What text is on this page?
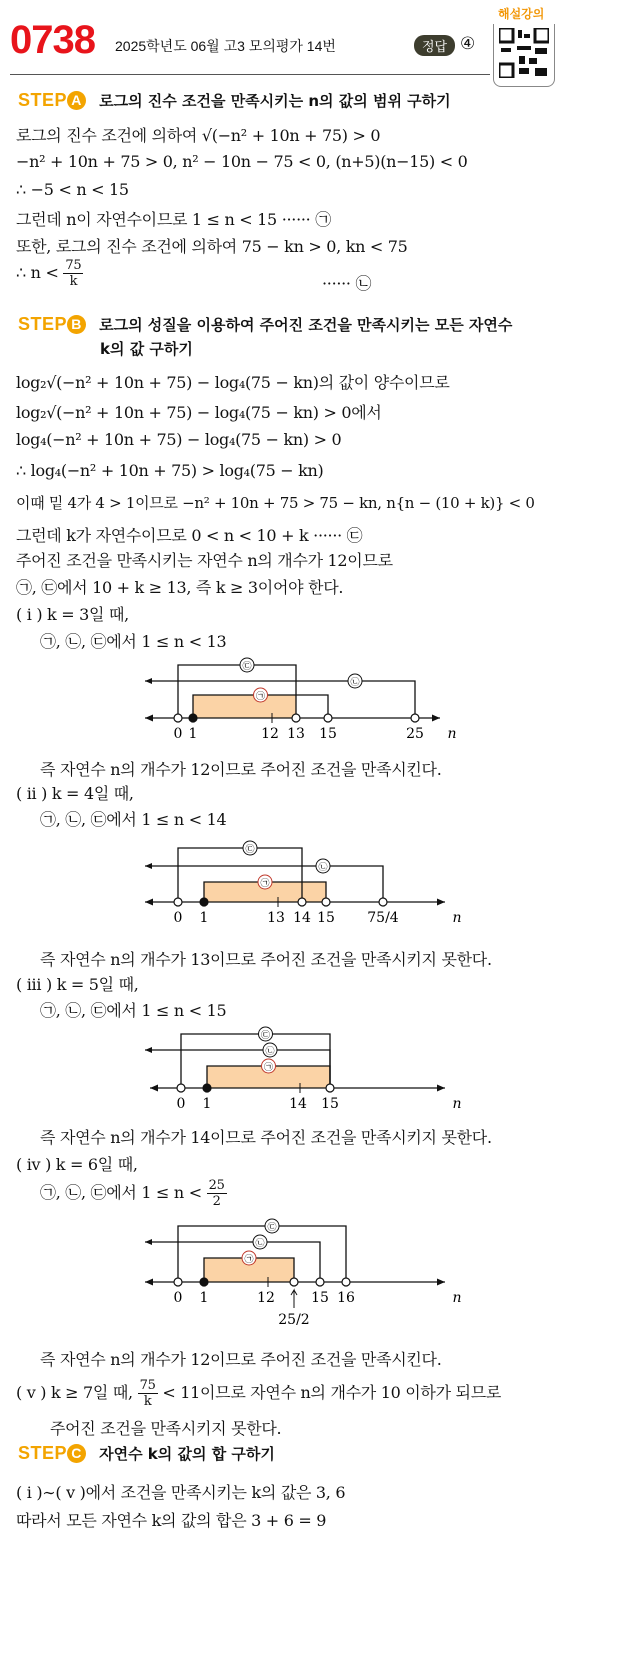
0738 2025학년도 06월 고3 모의평가 14번	정답 ④
해설강의
STEP A 로그의 진수 조건을 만족시키는 n의 값의 범위 구하기
로그의 진수 조건에 의하여 √(−n² + 10n + 75) > 0
−n² + 10n + 75 > 0, n² − 10n − 75 < 0, (n+5)(n−15) < 0
∴ −5 < n < 15
그런데 n이 자연수이므로 1 ≤ n < 15 ······ ㉠
또한, 로그의 진수 조건에 의하여 75 − kn > 0, kn < 75
∴ $n < \frac{75}{k}$	······ ㉡
STEP B 로그의 성질을 이용하여 주어진 조건을 만족시키는 모든 자연수
k의 값 구하기
log₂√(−n² + 10n + 75) − log₄(75 − kn)의 값이 양수이므로
log₂√(−n² + 10n + 75) − log₄(75 − kn) > 0에서
log₄(−n² + 10n + 75) − log₄(75 − kn) > 0
∴ log₄(−n² + 10n + 75) > log₄(75 − kn)
이때 밑 4가 4 > 1이므로 −n² + 10n + 75 > 75 − kn, n{n − (10 + k)} < 0
그런데 k가 자연수이므로 0 < n < 10 + k ······ ㉢
주어진 조건을 만족시키는 자연수 n의 개수가 12이므로
㉠, ㉢에서 10 + k ≥ 13, 즉 k ≥ 3이어야 한다.
( i ) k = 3일 때,
㉠, ㉡, ㉢에서 1 ≤ n < 13
㉢
㉡
㉠
n
0 1	12 13 15	25
즉 자연수 n의 개수가 12이므로 주어진 조건을 만족시킨다.
( ii ) k = 4일 때,
㉠, ㉡, ㉢에서 1 ≤ n < 14
㉢
㉡
㉠
n
0 1	13 14 15 75/4
즉 자연수 n의 개수가 13이므로 주어진 조건을 만족시키지 못한다.
( iii ) k = 5일 때,
㉠, ㉡, ㉢에서 1 ≤ n < 15
㉢
㉡
㉠
n
0 1	14 15
즉 자연수 n의 개수가 14이므로 주어진 조건을 만족시키지 못한다.
( iv ) k = 6일 때,
㉠, ㉡, ㉢에서 $1 \le n < \frac{25}{2}$
㉢
㉡
㉠
n
0 1	12
25/2
15 16
즉 자연수 n의 개수가 12이므로 주어진 조건을 만족시킨다.
( v ) k ≥ 7일 때, $\frac{75}{k} < 11$이므로 자연수 n의 개수가 10 이하가 되므로
주어진 조건을 만족시키지 못한다.
STEP C 자연수 k의 값의 합 구하기
( i )∼( v )에서 조건을 만족시키는 k의 값은 3, 6
따라서 모든 자연수 k의 값의 합은 3 + 6 = 9
